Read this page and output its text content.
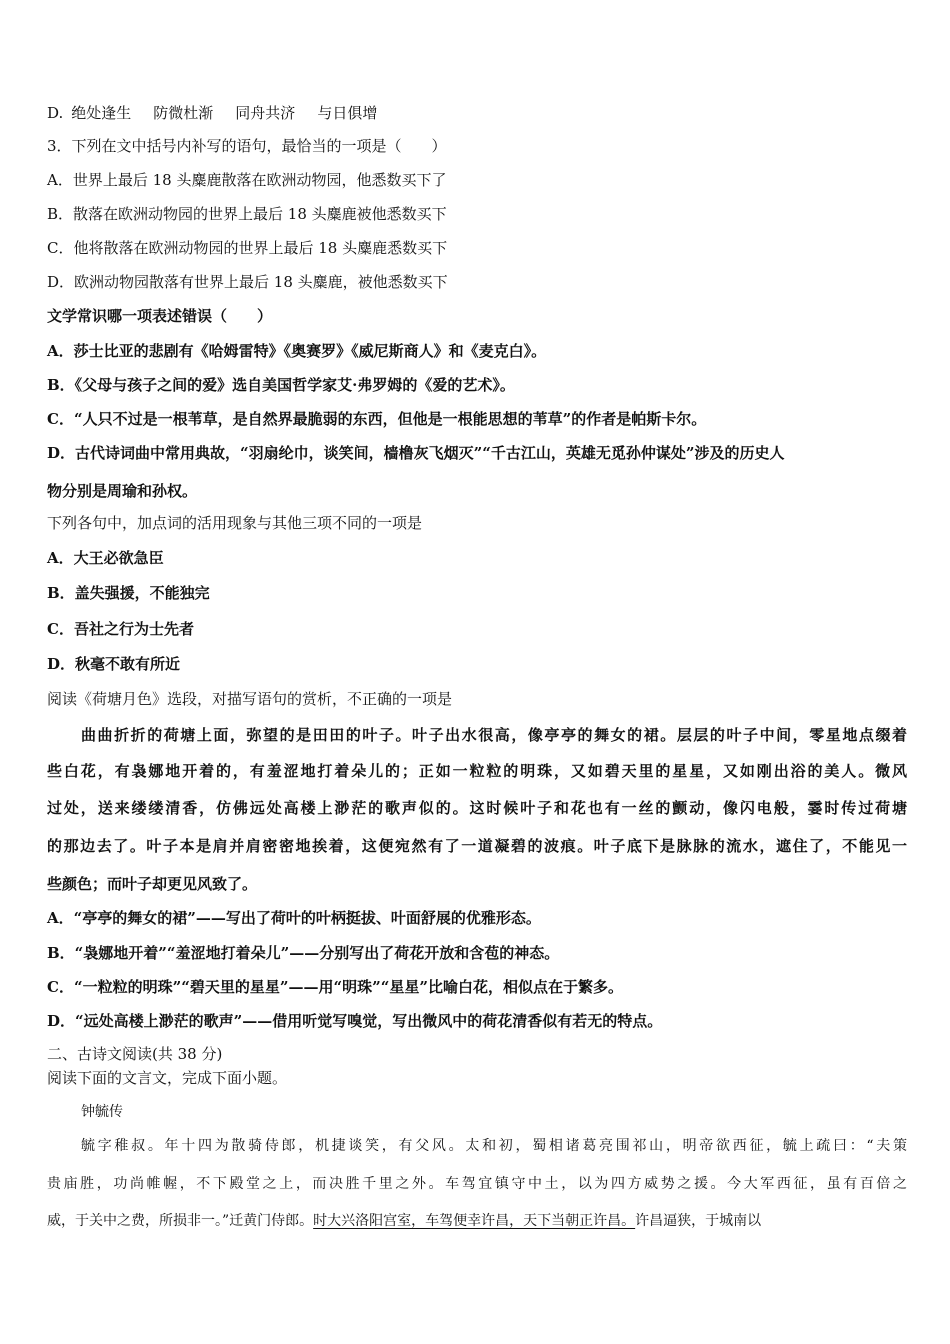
D. 绝处逢生 防微杜渐 同舟共济 与日俱增
3．下列在文中括号内补写的语句，最恰当的一项是（　　）
A．世界上最后 18 头麋鹿散落在欧洲动物园，他悉数买下了
B．散落在欧洲动物园的世界上最后 18 头麋鹿被他悉数买下
C．他将散落在欧洲动物园的世界上最后 18 头麋鹿悉数买下
D．欧洲动物园散落有世界上最后 18 头麋鹿，被他悉数买下
文学常识哪一项表述错误（　　）
A．莎士比亚的悲剧有《哈姆雷特》《奥赛罗》《威尼斯商人》和《麦克白》。
B．《父母与孩子之间的爱》选自美国哲学家艾·弗罗姆的《爱的艺术》。
C．“人只不过是一根苇草，是自然界最脆弱的东西，但他是一根能思想的苇草”的作者是帕斯卡尔。
D．古代诗词曲中常用典故，“羽扇纶巾，谈笑间，樯橹灰飞烟灭”“千古江山，英雄无觅孙仲谋处”涉及的历史人
物分别是周瑜和孙权。
下列各句中，加点词的活用现象与其他三项不同的一项是
A．大王必欲急臣
B．盖失强援，不能独完
C．吾社之行为士先者
D．秋毫不敢有所近
阅读《荷塘月色》选段，对描写语句的赏析，不正确的一项是
曲曲折折的荷塘上面，弥望的是田田的叶子。叶子出水很高，像亭亭的舞女的裙。层层的叶子中间，零星地点缀着
些白花，有袅娜地开着的，有羞涩地打着朵儿的；正如一粒粒的明珠，又如碧天里的星星，又如刚出浴的美人。微风
过处，送来缕缕清香，仿佛远处高楼上渺茫的歌声似的。这时候叶子和花也有一丝的颤动，像闪电般，霎时传过荷塘
的那边去了。叶子本是肩并肩密密地挨着，这便宛然有了一道凝碧的波痕。叶子底下是脉脉的流水，遮住了，不能见一
些颜色；而叶子却更见风致了。
A．“亭亭的舞女的裙”——写出了荷叶的叶柄挺拔、叶面舒展的优雅形态。
B．“袅娜地开着”“羞涩地打着朵儿”——分别写出了荷花开放和含苞的神态。
C．“一粒粒的明珠”“碧天里的星星”——用“明珠”“星星”比喻白花，相似点在于繁多。
D．“远处高楼上渺茫的歌声”——借用听觉写嗅觉，写出微风中的荷花清香似有若无的特点。
二、古诗文阅读(共 38 分)
阅读下面的文言文，完成下面小题。
钟毓传
毓字稚叔。年十四为散骑侍郎，机捷谈笑，有父风。太和初，蜀相诸葛亮围祁山，明帝欲西征，毓上疏曰：“夫策
贵庙胜，功尚帷幄，不下殿堂之上，而决胜千里之外。车驾宜镇守中土，以为四方威势之援。今大军西征，虽有百倍之
威，于关中之费，所损非一。”迁黄门侍郎。时大兴洛阳宫室，车驾便幸许昌，天下当朝正许昌。许昌逼狭，于城南以
